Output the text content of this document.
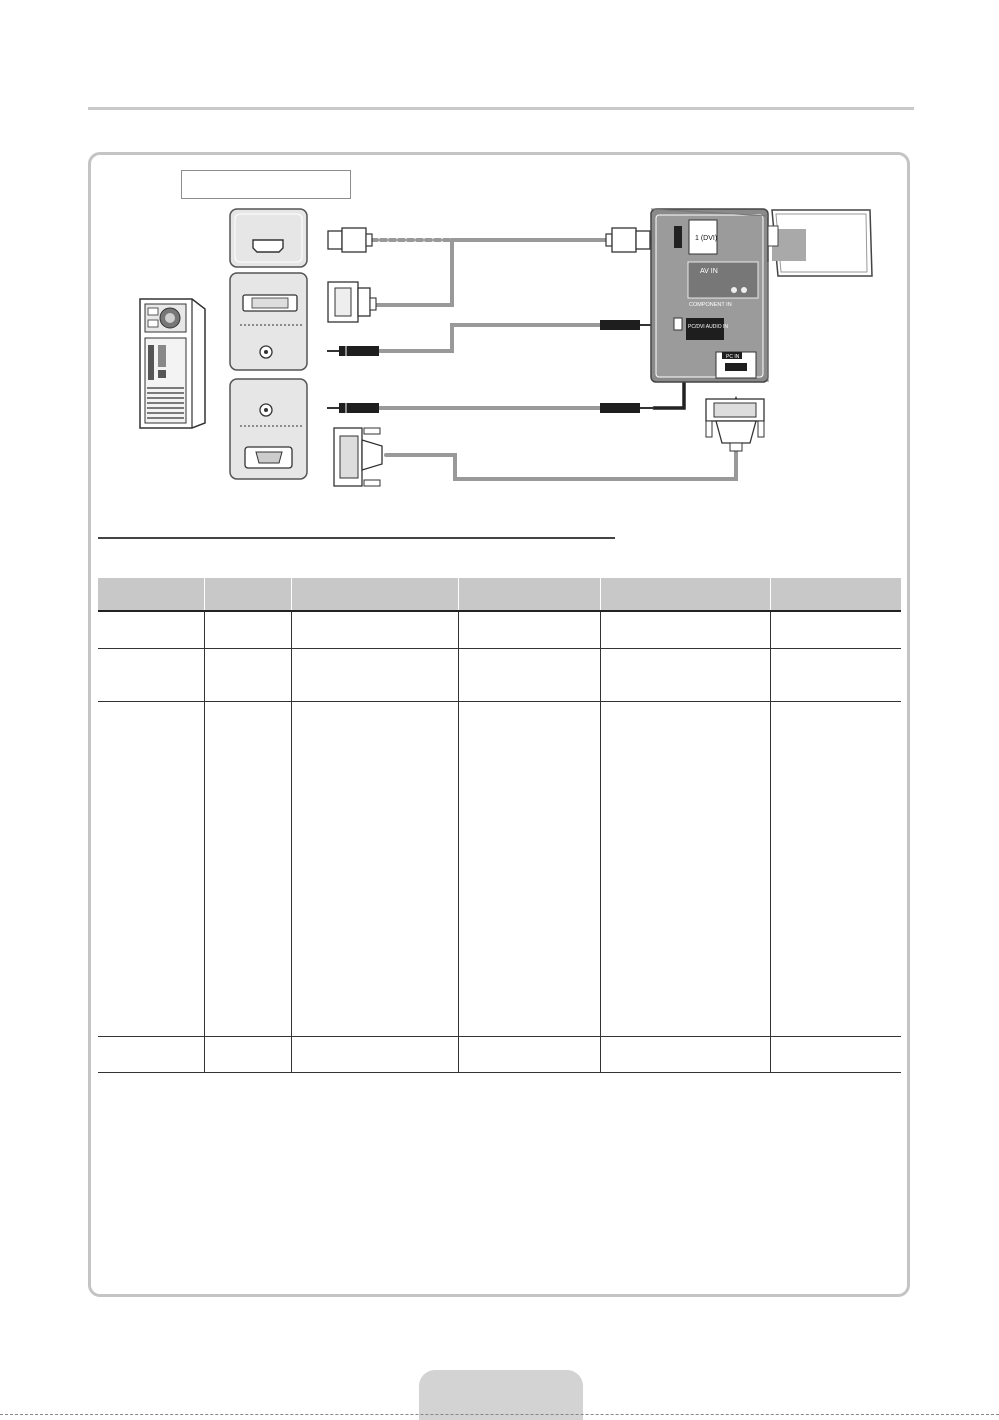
1 (DVI)
AV IN
COMPONENT IN
PC/DVI AUDIO IN
PC IN
